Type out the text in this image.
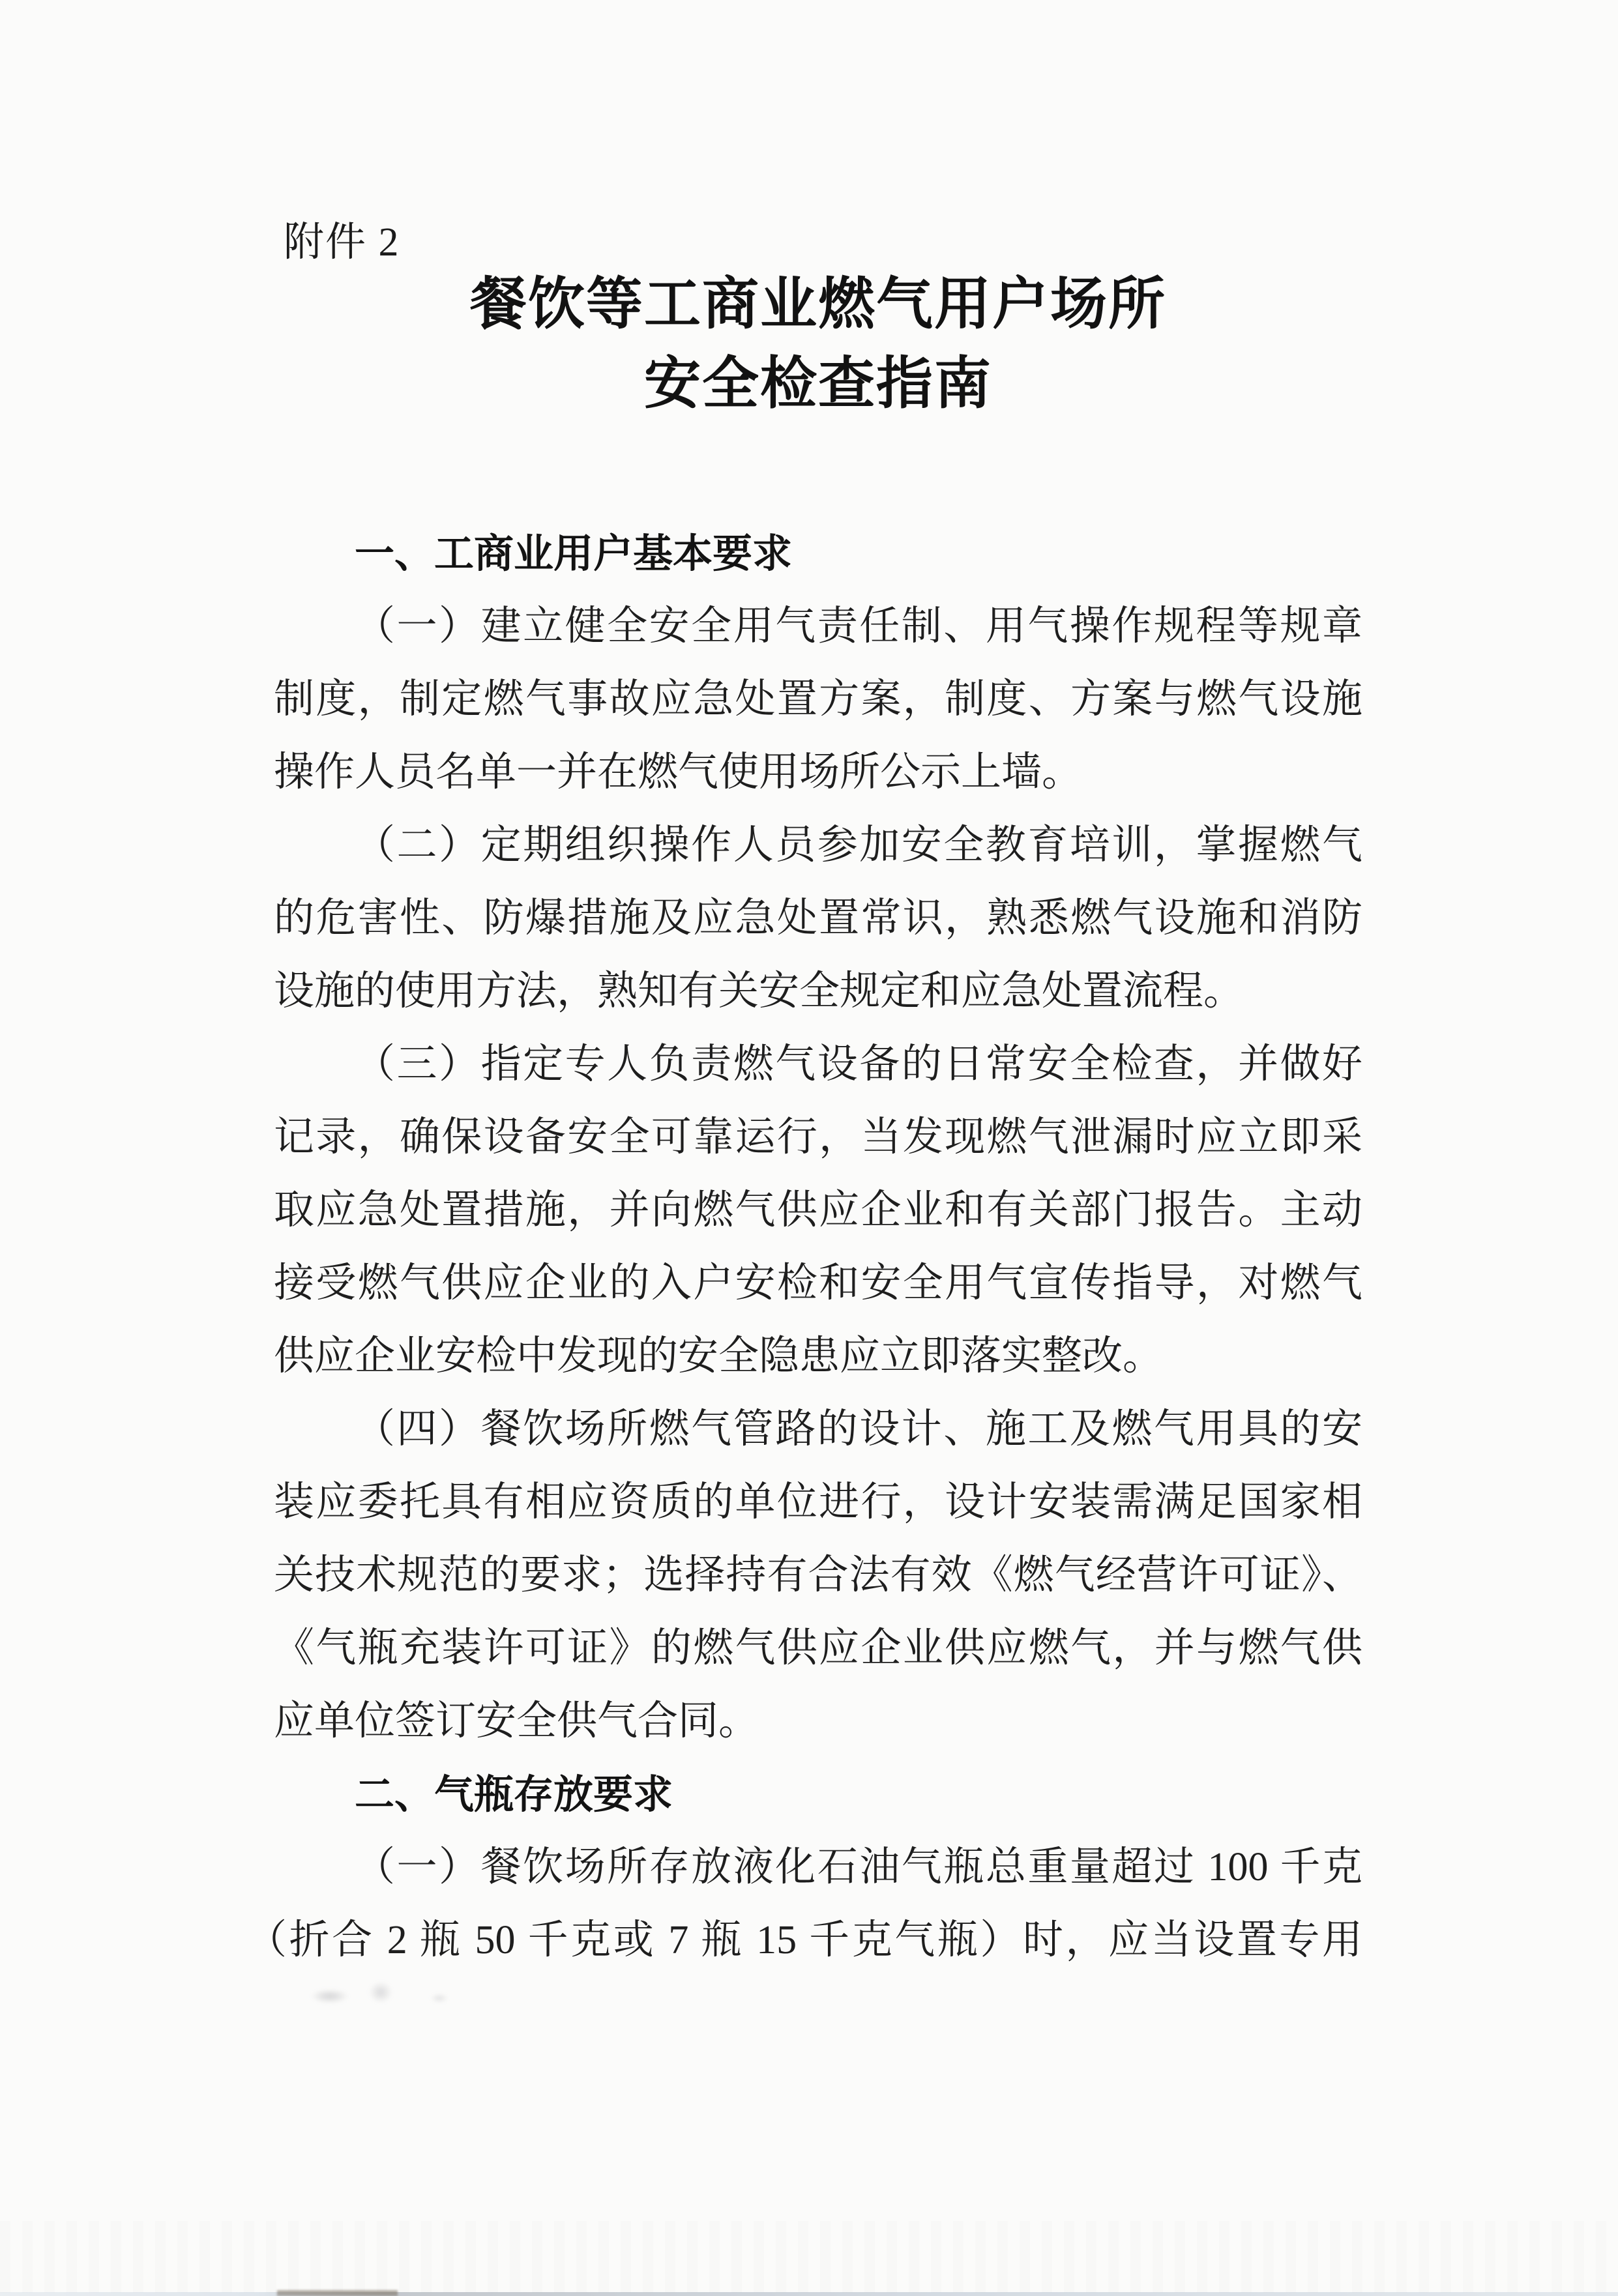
附件 2
餐饮等工商业燃气用户场所
安全检查指南
一、工商业用户基本要求
（一）建立健全安全用气责任制、用气操作规程等规章
制度，制定燃气事故应急处置方案，制度、方案与燃气设施
操作人员名单一并在燃气使用场所公示上墙。
（二）定期组织操作人员参加安全教育培训，掌握燃气
的危害性、防爆措施及应急处置常识，熟悉燃气设施和消防
设施的使用方法，熟知有关安全规定和应急处置流程。
（三）指定专人负责燃气设备的日常安全检查，并做好
记录，确保设备安全可靠运行，当发现燃气泄漏时应立即采
取应急处置措施，并向燃气供应企业和有关部门报告。主动
接受燃气供应企业的入户安检和安全用气宣传指导，对燃气
供应企业安检中发现的安全隐患应立即落实整改。
（四）餐饮场所燃气管路的设计、施工及燃气用具的安
装应委托具有相应资质的单位进行，设计安装需满足国家相
关技术规范的要求；选择持有合法有效《燃气经营许可证》、
《气瓶充装许可证》的燃气供应企业供应燃气，并与燃气供
应单位签订安全供气合同。
二、气瓶存放要求
（一）餐饮场所存放液化石油气瓶总重量超过 100 千克
（折合 2 瓶 50 千克或 7 瓶 15 千克气瓶）时，应当设置专用
